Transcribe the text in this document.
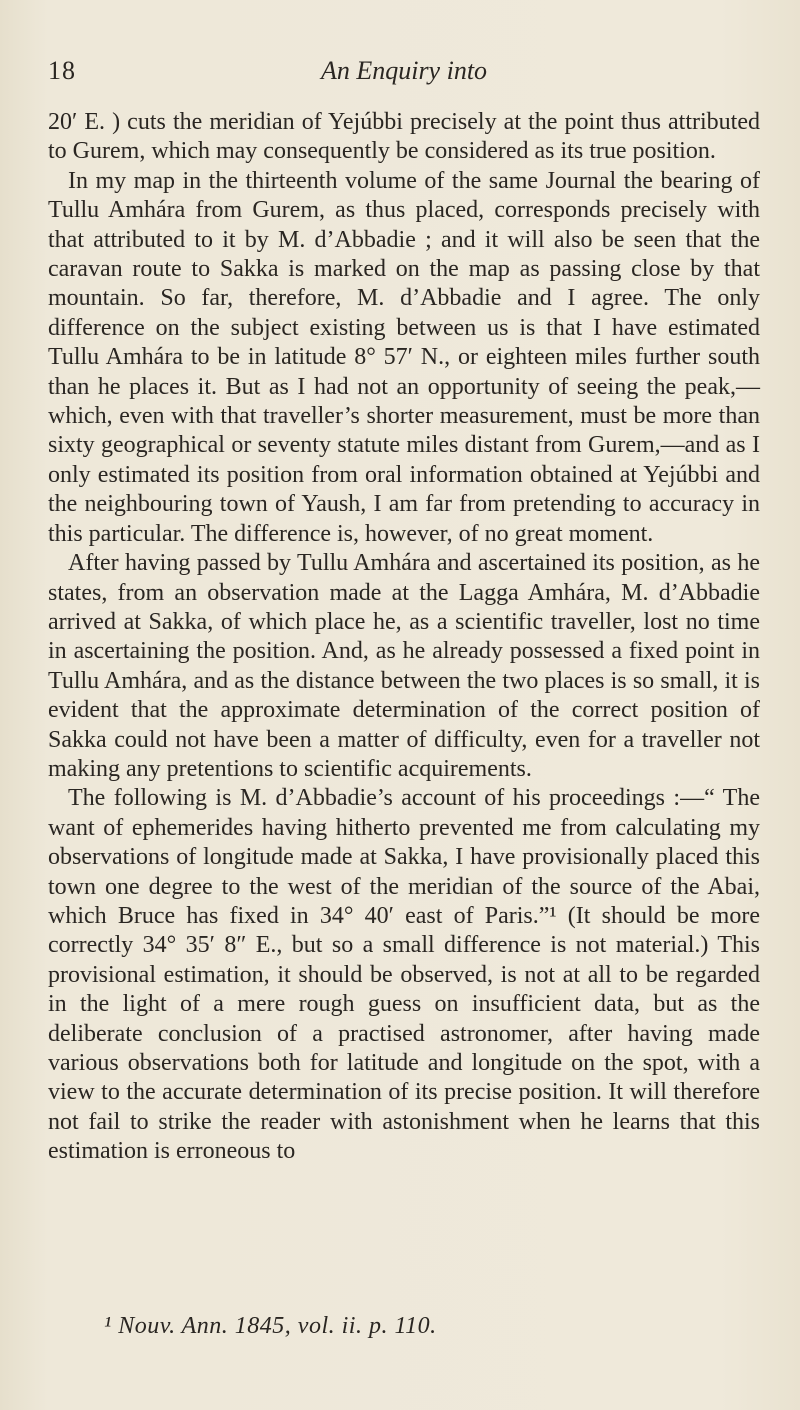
18	An Enquiry into

20′ E. ) cuts the meridian of Yejúbbi precisely at the point thus attributed to Gurem, which may consequently be considered as its true position.

In my map in the thirteenth volume of the same Journal the bearing of Tullu Amhára from Gurem, as thus placed, corresponds precisely with that attributed to it by M. d’Abbadie ; and it will also be seen that the caravan route to Sakka is marked on the map as passing close by that mountain. So far, therefore, M. d’Abbadie and I agree. The only difference on the subject existing between us is that I have estimated Tullu Amhára to be in latitude 8° 57′ N., or eighteen miles further south than he places it. But as I had not an opportunity of seeing the peak,—which, even with that traveller’s shorter measurement, must be more than sixty geographical or seventy statute miles distant from Gurem,—and as I only estimated its position from oral information obtained at Yejúbbi and the neighbouring town of Yaush, I am far from pretending to accuracy in this particular. The difference is, however, of no great moment.

After having passed by Tullu Amhára and ascertained its position, as he states, from an observation made at the Lagga Amhára, M. d’Abbadie arrived at Sakka, of which place he, as a scientific traveller, lost no time in ascertaining the position. And, as he already possessed a fixed point in Tullu Amhára, and as the distance between the two places is so small, it is evident that the approximate determination of the correct position of Sakka could not have been a matter of difficulty, even for a traveller not making any pretentions to scientific acquirements.

The following is M. d’Abbadie’s account of his proceedings :—“ The want of ephemerides having hitherto prevented me from calculating my observations of longitude made at Sakka, I have provisionally placed this town one degree to the west of the meridian of the source of the Abai, which Bruce has fixed in 34° 40′ east of Paris.”¹ (It should be more correctly 34° 35′ 8″ E., but so a small difference is not material.) This provisional estimation, it should be observed, is not at all to be regarded in the light of a mere rough guess on insufficient data, but as the deliberate conclusion of a practised astronomer, after having made various observations both for latitude and longitude on the spot, with a view to the accurate determination of its precise position. It will therefore not fail to strike the reader with astonishment when he learns that this estimation is erroneous to

¹ Nouv. Ann. 1845, vol. ii. p. 110.
